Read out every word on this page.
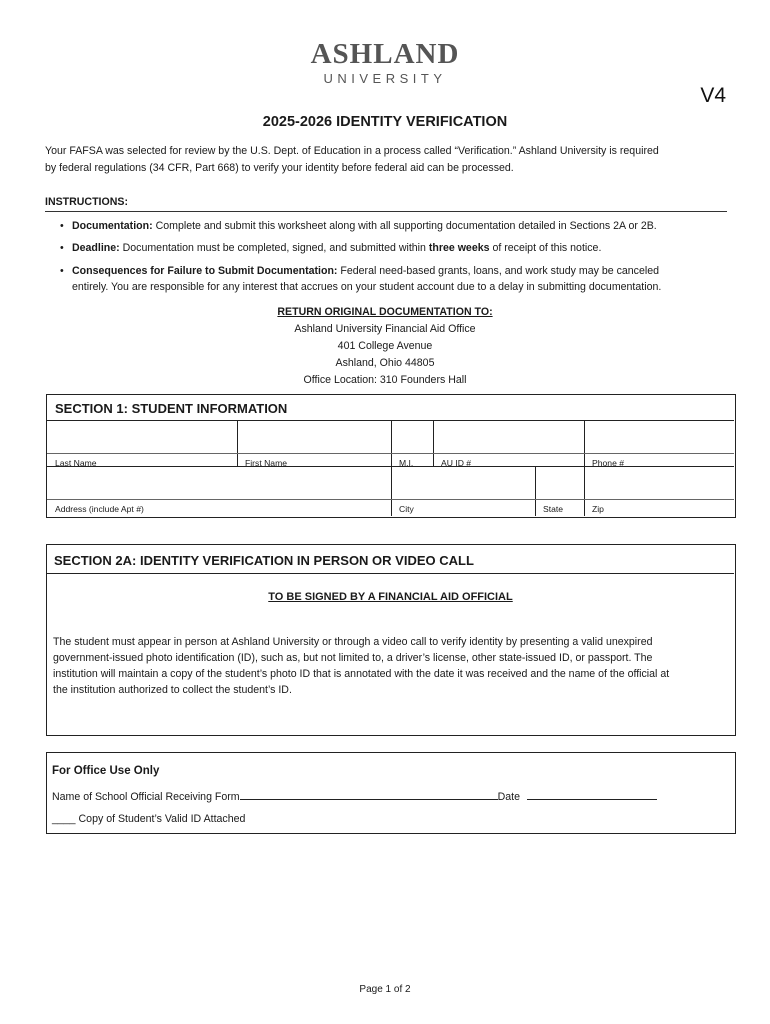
ASHLAND
UNIVERSITY
V4
2025-2026 IDENTITY VERIFICATION
Your FAFSA was selected for review by the U.S. Dept. of Education in a process called “Verification.” Ashland University is required
by federal regulations (34 CFR, Part 668) to verify your identity before federal aid can be processed.
INSTRUCTIONS:
• Documentation: Complete and submit this worksheet along with all supporting documentation detailed in Sections 2A or 2B.
• Deadline: Documentation must be completed, signed, and submitted within three weeks of receipt of this notice.
• Consequences for Failure to Submit Documentation: Federal need-based grants, loans, and work study may be canceled
entirely. You are responsible for any interest that accrues on your student account due to a delay in submitting documentation.
RETURN ORIGINAL DOCUMENTATION TO:
Ashland University Financial Aid Office
401 College Avenue
Ashland, Ohio 44805
Office Location: 310 Founders Hall
SECTION 1: STUDENT INFORMATION
Last Name	First Name	M.I.	AU ID #	Phone #
Address (include Apt #)	City	State	Zip
SECTION 2A: IDENTITY VERIFICATION IN PERSON OR VIDEO CALL
TO BE SIGNED BY A FINANCIAL AID OFFICIAL
The student must appear in person at Ashland University or through a video call to verify identity by presenting a valid unexpired
government-issued photo identification (ID), such as, but not limited to, a driver’s license, other state-issued ID, or passport. The
institution will maintain a copy of the student’s photo ID that is annotated with the date it was received and the name of the official at
the institution authorized to collect the student’s ID.
For Office Use Only
Name of School Official Receiving Form	Date
____ Copy of Student’s Valid ID Attached
Page 1 of 2
